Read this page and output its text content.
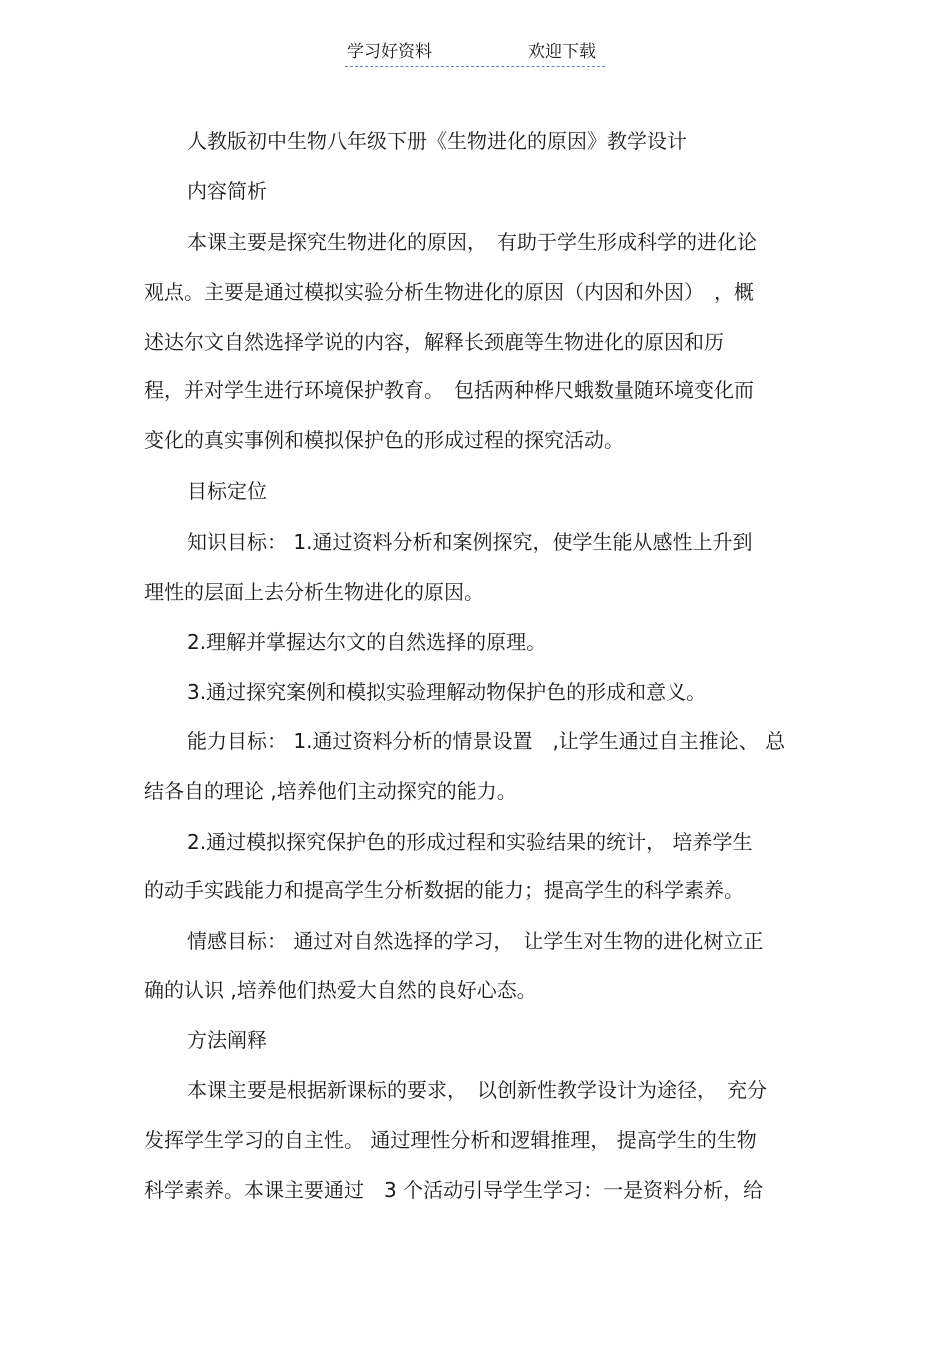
学习好资料	欢迎下载
人教版初中生物八年级下册《生物进化的原因》教学设计
内容简析
本课主要是探究生物进化的原因，　有助于学生形成科学的进化论
观点。主要是通过模拟实验分析生物进化的原因（内因和外因）　，概
述达尔文自然选择学说的内容，解释长颈鹿等生物进化的原因和历
程，并对学生进行环境保护教育。　包括两种桦尺蛾数量随环境变化而
变化的真实事例和模拟保护色的形成过程的探究活动。
目标定位
知识目标： 1.通过资料分析和案例探究，使学生能从感性上升到
理性的层面上去分析生物进化的原因。
2.理解并掌握达尔文的自然选择的原理。
3.通过探究案例和模拟实验理解动物保护色的形成和意义。
能力目标： 1.通过资料分析的情景设置　,让学生通过自主推论、 总
结各自的理论 ,培养他们主动探究的能力。
2.通过模拟探究保护色的形成过程和实验结果的统计， 培养学生
的动手实践能力和提高学生分析数据的能力；提高学生的科学素养。
情感目标： 通过对自然选择的学习，　让学生对生物的进化树立正
确的认识 ,培养他们热爱大自然的良好心态。
方法阐释
本课主要是根据新课标的要求，　以创新性教学设计为途径，　充分
发挥学生学习的自主性。 通过理性分析和逻辑推理， 提高学生的生物
科学素养。本课主要通过　3 个活动引导学生学习：一是资料分析，给
